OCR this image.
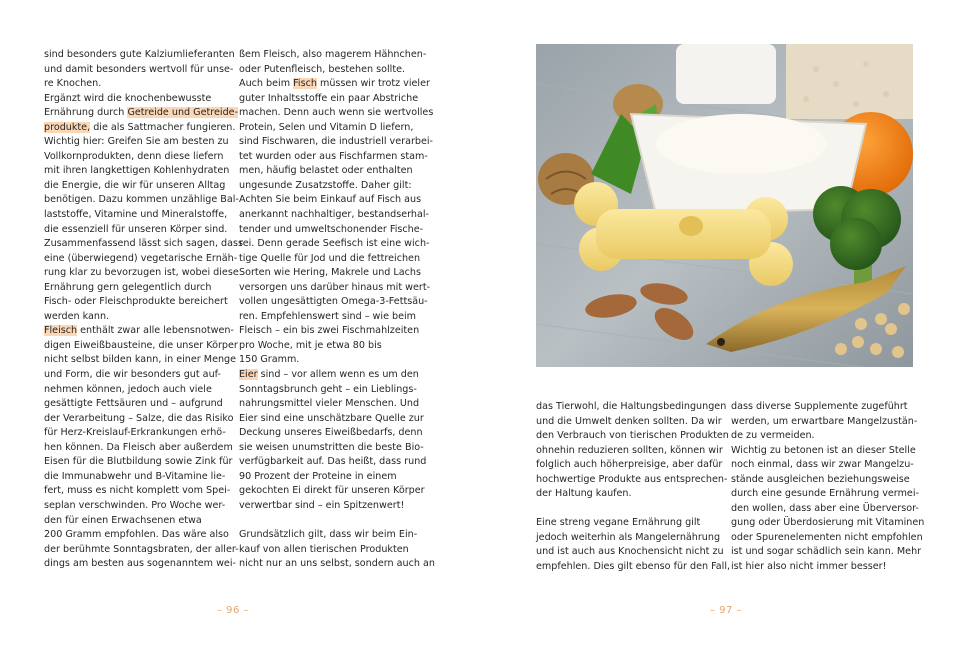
sind besonders gute Kalziumlieferanten
und damit besonders wertvoll für unse-
re Knochen.
Ergänzt wird die knochenbewusste
Ernährung durch Getreide und Getreide-
produkte, die als Sattmacher fungieren.
Wichtig hier: Greifen Sie am besten zu
Vollkornprodukten, denn diese liefern
mit ihren langkettigen Kohlenhydraten
die Energie, die wir für unseren Alltag
benötigen. Dazu kommen unzählige Bal-
laststoffe, Vitamine und Mineralstoffe,
die essenziell für unseren Körper sind.
Zusammenfassend lässt sich sagen, dass
eine (überwiegend) vegetarische Ernäh-
rung klar zu bevorzugen ist, wobei diese
Ernährung gern gelegentlich durch
Fisch- oder Fleischprodukte bereichert
werden kann.
Fleisch enthält zwar alle lebensnotwen-
digen Eiweißbausteine, die unser Körper
nicht selbst bilden kann, in einer Menge
und Form, die wir besonders gut auf-
nehmen können, jedoch auch viele
gesättigte Fettsäuren und – aufgrund
der Verarbeitung – Salze, die das Risiko
für Herz-Kreislauf-Erkrankungen erhö-
hen können. Da Fleisch aber außerdem
Eisen für die Blutbildung sowie Zink für
die Immunabwehr und B-Vitamine lie-
fert, muss es nicht komplett vom Spei-
seplan verschwinden. Pro Woche wer-
den für einen Erwachsenen etwa
200 Gramm empfohlen. Das wäre also
der berühmte Sonntagsbraten, der aller-
dings am besten aus sogenanntem wei-
ßem Fleisch, also magerem Hähnchen-
oder Putenfleisch, bestehen sollte.
Auch beim Fisch müssen wir trotz vieler
guter Inhaltsstoffe ein paar Abstriche
machen. Denn auch wenn sie wertvolles
Protein, Selen und Vitamin D liefern,
sind Fischwaren, die industriell verarbei-
tet wurden oder aus Fischfarmen stam-
men, häufig belastet oder enthalten
ungesunde Zusatzstoffe. Daher gilt:
Achten Sie beim Einkauf auf Fisch aus
anerkannt nachhaltiger, bestandserhal-
tender und umweltschonender Fische-
rei. Denn gerade Seefisch ist eine wich-
tige Quelle für Jod und die fettreichen
Sorten wie Hering, Makrele und Lachs
versorgen uns darüber hinaus mit wert-
vollen ungesättigten Omega-3-Fettsäu-
ren. Empfehlenswert sind – wie beim
Fleisch – ein bis zwei Fischmahlzeiten
pro Woche, mit je etwa 80 bis
150 Gramm.
Eier sind – vor allem wenn es um den
Sonntagsbrunch geht – ein Lieblings-
nahrungsmittel vieler Menschen. Und
Eier sind eine unschätzbare Quelle zur
Deckung unseres Eiweißbedarfs, denn
sie weisen unumstritten die beste Bio-
verfügbarkeit auf. Das heißt, dass rund
90 Prozent der Proteine in einem
gekochten Ei direkt für unseren Körper
verwertbar sind – ein Spitzenwert!
Grundsätzlich gilt, dass wir beim Ein-
kauf von allen tierischen Produkten
nicht nur an uns selbst, sondern auch an
das Tierwohl, die Haltungsbedingungen
und die Umwelt denken sollten. Da wir
den Verbrauch von tierischen Produkten
ohnehin reduzieren sollten, können wir
folglich auch höherpreisige, aber dafür
hochwertige Produkte aus entsprechen-
der Haltung kaufen.
Eine streng vegane Ernährung gilt
jedoch weiterhin als Mangelernährung
und ist auch aus Knochensicht nicht zu
empfehlen. Dies gilt ebenso für den Fall,
dass diverse Supplemente zugeführt
werden, um erwartbare Mangelzustän-
de zu vermeiden.
Wichtig zu betonen ist an dieser Stelle
noch einmal, dass wir zwar Mangelzu-
stände ausgleichen beziehungsweise
durch eine gesunde Ernährung vermei-
den wollen, dass aber eine Überversor-
gung oder Überdosierung mit Vitaminen
oder Spurenelementen nicht empfohlen
ist und sogar schädlich sein kann. Mehr
ist hier also nicht immer besser!
– 96 –	– 97 –
